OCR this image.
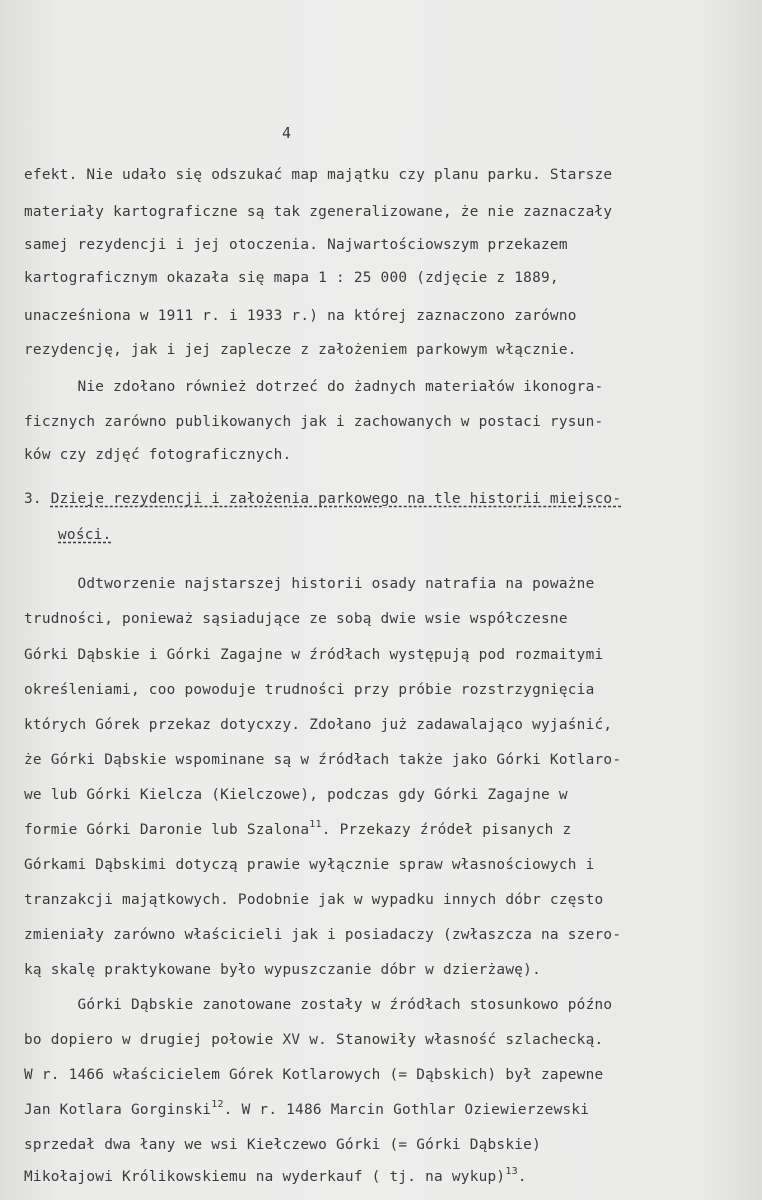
4
efekt. Nie udało się odszukać map majątku czy planu parku. Starsze
materiały kartograficzne są tak zgeneralizowane, że nie zaznaczały
samej rezydencji i jej otoczenia. Najwartościowszym przekazem
kartograficznym okazała się mapa 1 : 25 000 (zdjęcie z 1889,
unacześniona w 1911 r. i 1933 r.) na której zaznaczono zarówno
rezydencję, jak i jej zaplecze z założeniem parkowym włącznie.
Nie zdołano również dotrzeć do żadnych materiałów ikonogra-
ficznych zarówno publikowanych jak i zachowanych w postaci rysun-
ków czy zdjęć fotograficznych.
3. Dzieje rezydencji i założenia parkowego na tle historii miejsco-
wości.
Odtworzenie najstarszej historii osady natrafia na poważne
trudności, ponieważ sąsiadujące ze sobą dwie wsie współczesne
Górki Dąbskie i Górki Zagajne w źródłach występują pod rozmaitymi
określeniami, coo powoduje trudności przy próbie rozstrzygnięcia
których Górek przekaz dotycxzy. Zdołano już zadawalająco wyjaśnić,
że Górki Dąbskie wspominane są w źródłach także jako Górki Kotlaro-
we lub Górki Kielcza (Kielczowe), podczas gdy Górki Zagajne w
formie Górki Daronie lub Szalona$^{11}$. Przekazy źródeł pisanych z
Górkami Dąbskimi dotyczą prawie wyłącznie spraw własnościowych i
tranzakcji majątkowych. Podobnie jak w wypadku innych dóbr często
zmieniały zarówno właścicieli jak i posiadaczy (zwłaszcza na szero-
ką skalę praktykowane było wypuszczanie dóbr w dzierżawę).
Górki Dąbskie zanotowane zostały w źródłach stosunkowo późno
bo dopiero w drugiej połowie XV w. Stanowiły własność szlachecką.
W r. 1466 właścicielem Górek Kotlarowych (= Dąbskich) był zapewne
Jan Kotlara Gorginski$^{12}$. W r. 1486 Marcin Gothlar Oziewierzewski
sprzedał dwa łany we wsi Kiełczewo Górki (= Górki Dąbskie)
Mikołajowi Królikowskiemu na wyderkauf ( tj. na wykup)$^{13}$.
